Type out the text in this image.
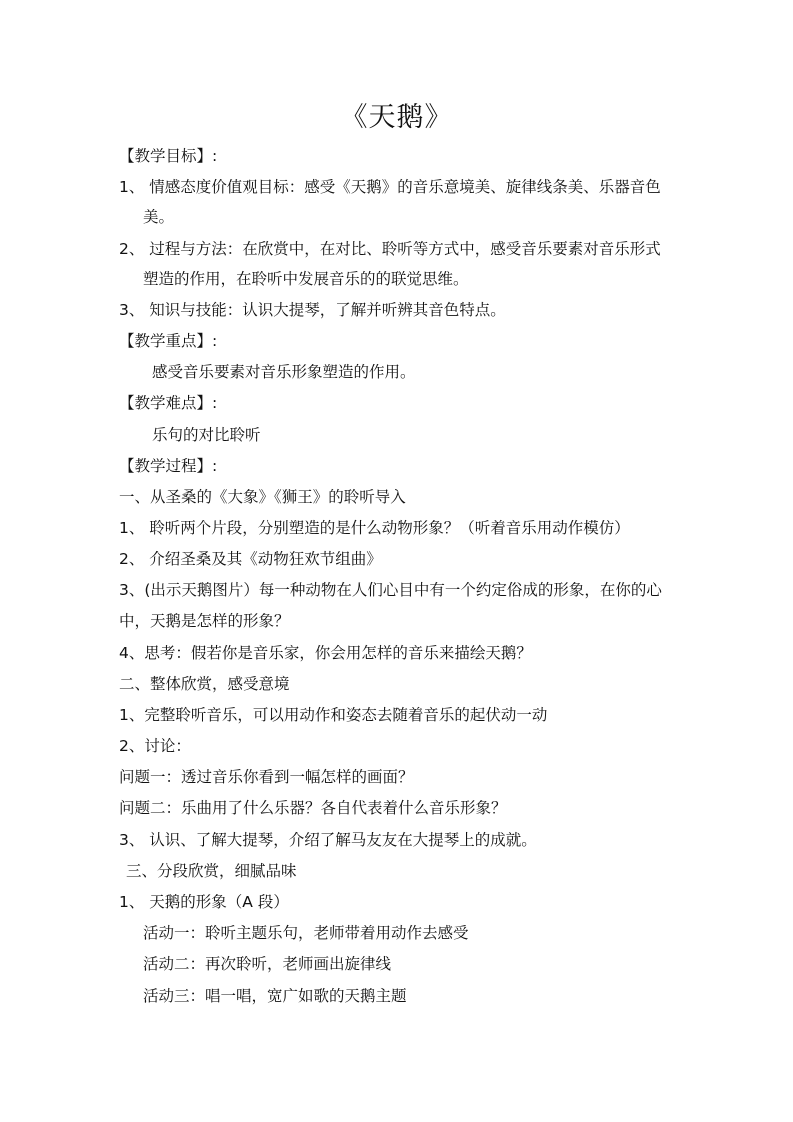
《天鹅》
【教学目标】:
1、 情感态度价值观目标：感受《天鹅》的音乐意境美、旋律线条美、乐器音色
美。
2、 过程与方法：在欣赏中，在对比、聆听等方式中，感受音乐要素对音乐形式
塑造的作用，在聆听中发展音乐的的联觉思维。
3、 知识与技能：认识大提琴，了解并听辨其音色特点。
【教学重点】:
感受音乐要素对音乐形象塑造的作用。
【教学难点】:
乐句的对比聆听
【教学过程】:
一、从圣桑的《大象》《狮王》的聆听导入
1、 聆听两个片段，分别塑造的是什么动物形象？（听着音乐用动作模仿）
2、 介绍圣桑及其《动物狂欢节组曲》
3、(出示天鹅图片）每一种动物在人们心目中有一个约定俗成的形象，在你的心
中，天鹅是怎样的形象？
4、思考：假若你是音乐家，你会用怎样的音乐来描绘天鹅？
二、整体欣赏，感受意境
1、完整聆听音乐，可以用动作和姿态去随着音乐的起伏动一动
2、讨论：
问题一：透过音乐你看到一幅怎样的画面？
问题二：乐曲用了什么乐器？各自代表着什么音乐形象？
3、 认识、了解大提琴，介绍了解马友友在大提琴上的成就。
三、分段欣赏，细腻品味
1、 天鹅的形象（A 段）
活动一：聆听主题乐句，老师带着用动作去感受
活动二：再次聆听，老师画出旋律线
活动三：唱一唱，宽广如歌的天鹅主题
